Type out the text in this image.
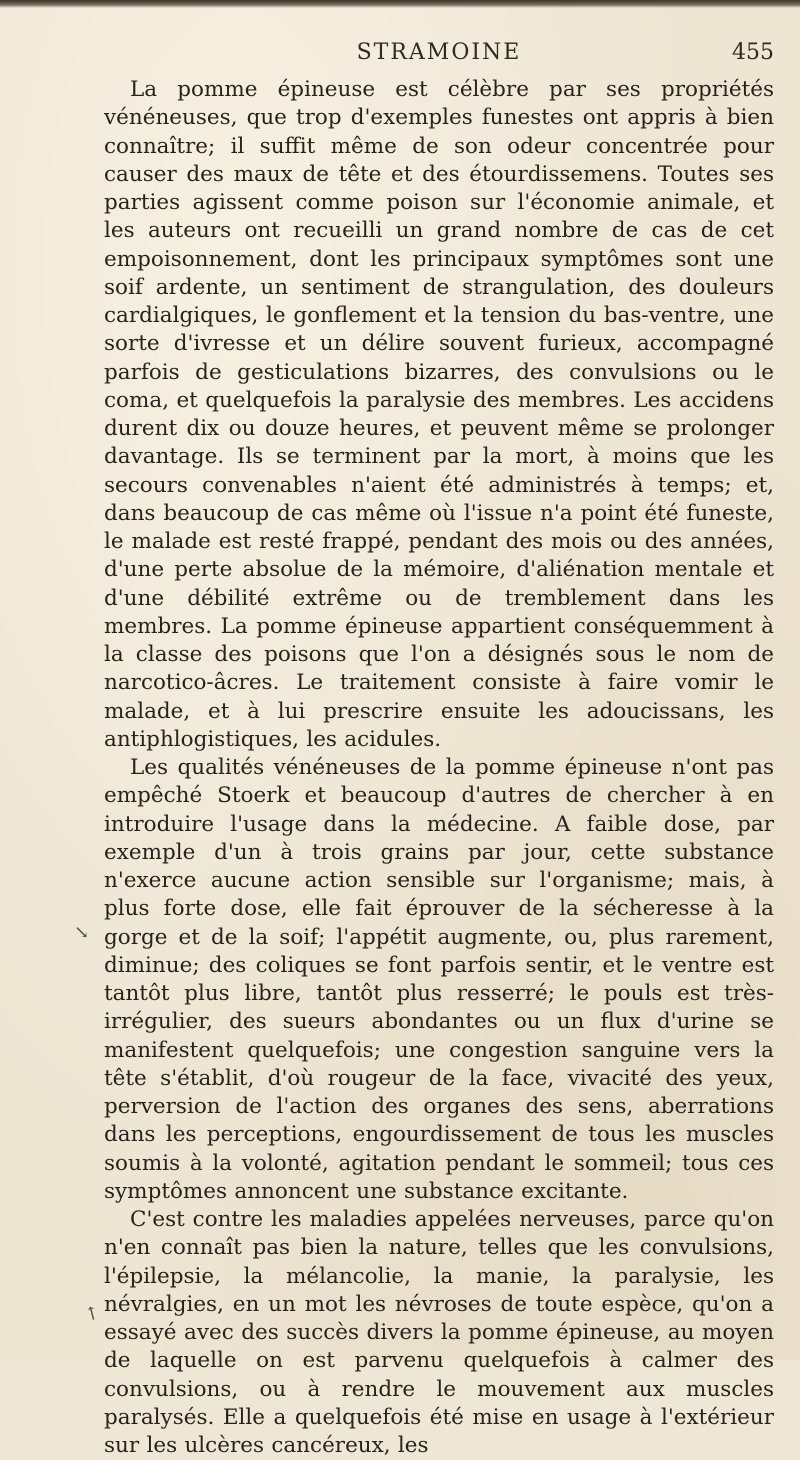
STRAMOINE	455

La pomme épineuse est célèbre par ses propriétés vénéneuses, que trop d'exemples funestes ont appris à bien connaître; il suffit même de son odeur concentrée pour causer des maux de tête et des étourdissemens. Toutes ses parties agissent comme poison sur l'économie animale, et les auteurs ont recueilli un grand nombre de cas de cet empoisonnement, dont les principaux symptômes sont une soif ardente, un sentiment de strangulation, des douleurs cardialgiques, le gonflement et la tension du bas-ventre, une sorte d'ivresse et un délire souvent furieux, accompagné parfois de gesticulations bizarres, des convulsions ou le coma, et quelquefois la paralysie des membres. Les accidens durent dix ou douze heures, et peuvent même se prolonger davantage. Ils se terminent par la mort, à moins que les secours convenables n'aient été administrés à temps; et, dans beaucoup de cas même où l'issue n'a point été funeste, le malade est resté frappé, pendant des mois ou des années, d'une perte absolue de la mémoire, d'aliénation mentale et d'une débilité extrême ou de tremblement dans les membres. La pomme épineuse appartient conséquemment à la classe des poisons que l'on a désignés sous le nom de narcotico-âcres. Le traitement consiste à faire vomir le malade, et à lui prescrire ensuite les adoucissans, les antiphlogistiques, les acidules.

Les qualités vénéneuses de la pomme épineuse n'ont pas empêché Stoerk et beaucoup d'autres de chercher à en introduire l'usage dans la médecine. A faible dose, par exemple d'un à trois grains par jour, cette substance n'exerce aucune action sensible sur l'organisme; mais, à plus forte dose, elle fait éprouver de la sécheresse à la gorge et de la soif; l'appétit augmente, ou, plus rarement, diminue; des coliques se font parfois sentir, et le ventre est tantôt plus libre, tantôt plus resserré; le pouls est très-irrégulier, des sueurs abondantes ou un flux d'urine se manifestent quelquefois; une congestion sanguine vers la tête s'établit, d'où rougeur de la face, vivacité des yeux, perversion de l'action des organes des sens, aberrations dans les perceptions, engourdissement de tous les muscles soumis à la volonté, agitation pendant le sommeil; tous ces symptômes annoncent une substance excitante.

C'est contre les maladies appelées nerveuses, parce qu'on n'en connaît pas bien la nature, telles que les convulsions, l'épilepsie, la mélancolie, la manie, la paralysie, les névralgies, en un mot les névroses de toute espèce, qu'on a essayé avec des succès divers la pomme épineuse, au moyen de laquelle on est parvenu quelquefois à calmer des convulsions, ou à rendre le mouvement aux muscles paralysés. Elle a quelquefois été mise en usage à l'extérieur sur les ulcères cancéreux, les

↘
↖
